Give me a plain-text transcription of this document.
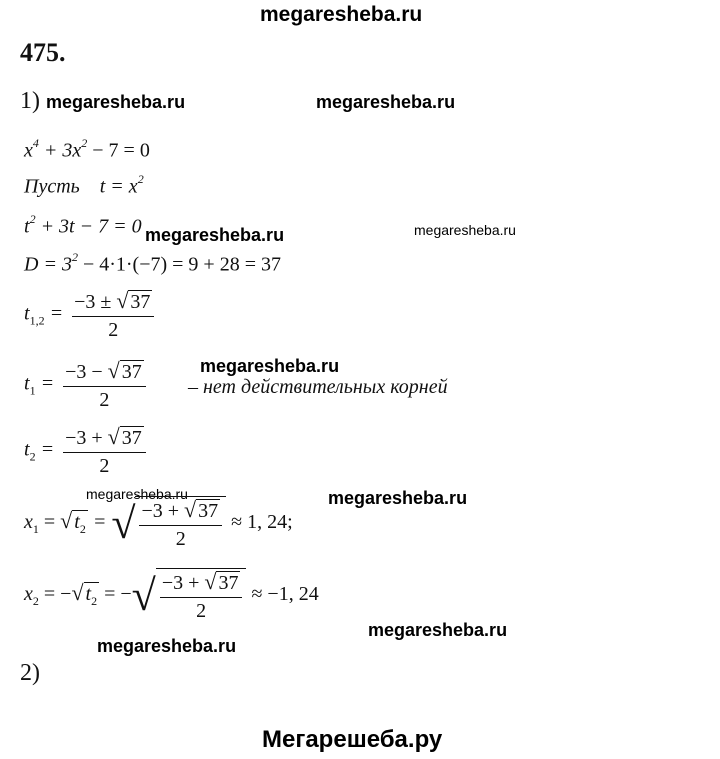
megaresheba.ru
megaresheba.ru	megaresheba.ru
megaresheba.ru	megaresheba.ru
megaresheba.ru
megaresheba.ru	megaresheba.ru
megaresheba.ru
megaresheba.ru
475.
1)
$x^4 + 3x^2 - 7 = 0$
Пусть $t = x^2$
$t^2 + 3t - 7 = 0$
$D = 3^2 - 4\cdot 1\cdot(-7) = 9 + 28 = 37$
$t_{1,2} = \frac{-3 \pm √ 37}{2}$
$t_1 = \frac{-3 - √ 37}{2}$ – нет действительных корней
$t_2 = \frac{-3 + √ 37}{2}$
$x_1$ = √ $t_2$ = √ $\frac{-3 + √ 37}{2} \approx 1$, 24;
$x_2$ = −√ $t_2$ = −√ $\frac{-3 + √ 37}{2} \approx -1$, 24
2)
Мегарешеба.ру
